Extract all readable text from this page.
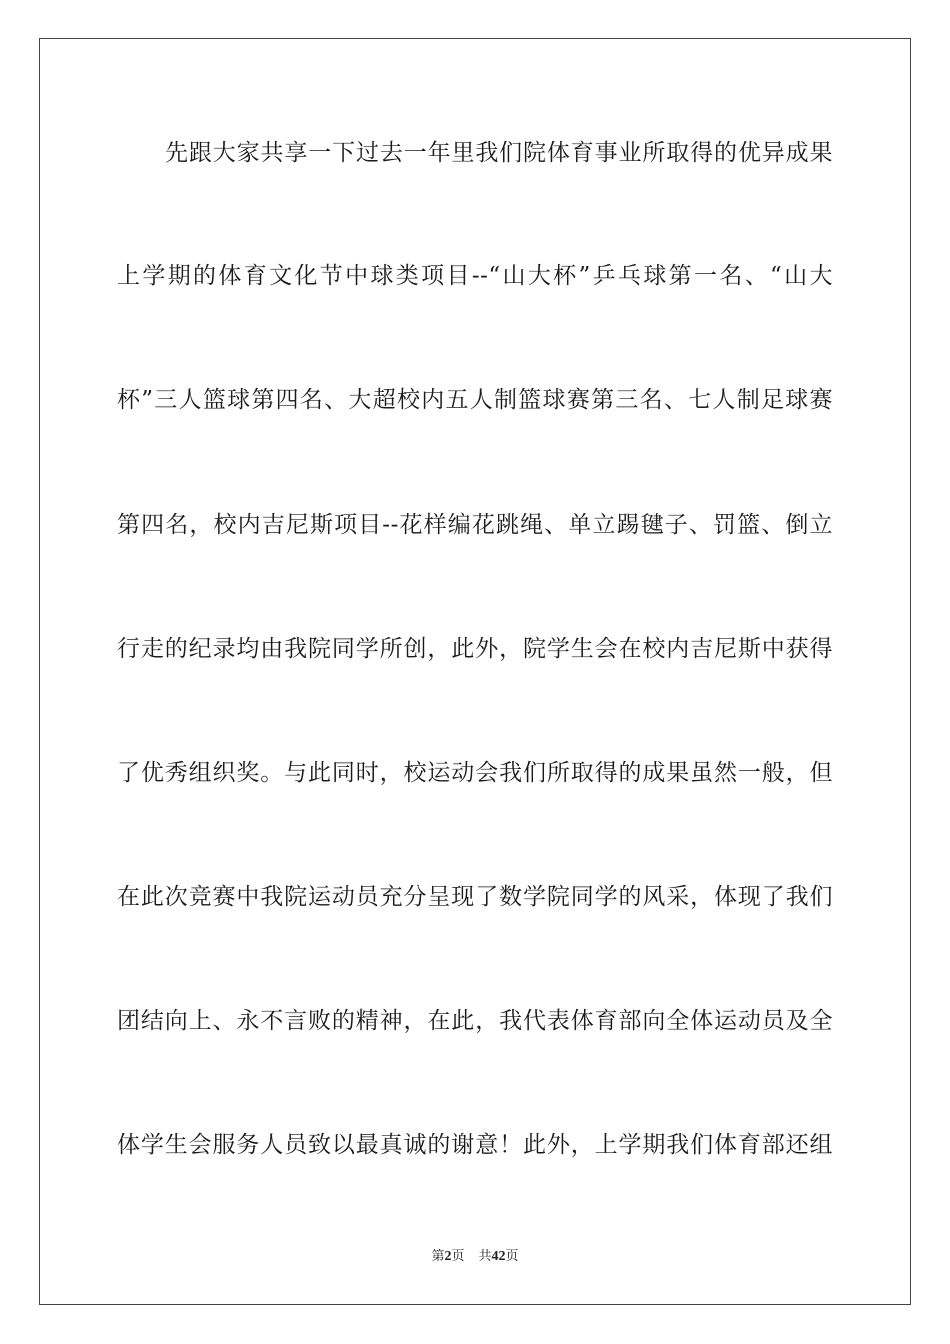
先跟大家共享一下过去一年里我们院体育事业所取得的优异成果
上学期的体育文化节中球类项目--“山大杯”乒乓球第一名、“山大
杯”三人篮球第四名、大超校内五人制篮球赛第三名、七人制足球赛
第四名，校内吉尼斯项目--花样编花跳绳、单立踢毽子、罚篮、倒立
行走的纪录均由我院同学所创，此外，院学生会在校内吉尼斯中获得
了优秀组织奖。与此同时，校运动会我们所取得的成果虽然一般，但
在此次竞赛中我院运动员充分呈现了数学院同学的风采，体现了我们
团结向上、永不言败的精神，在此，我代表体育部向全体运动员及全
体学生会服务人员致以最真诚的谢意！此外，上学期我们体育部还组
第2页 共42页
